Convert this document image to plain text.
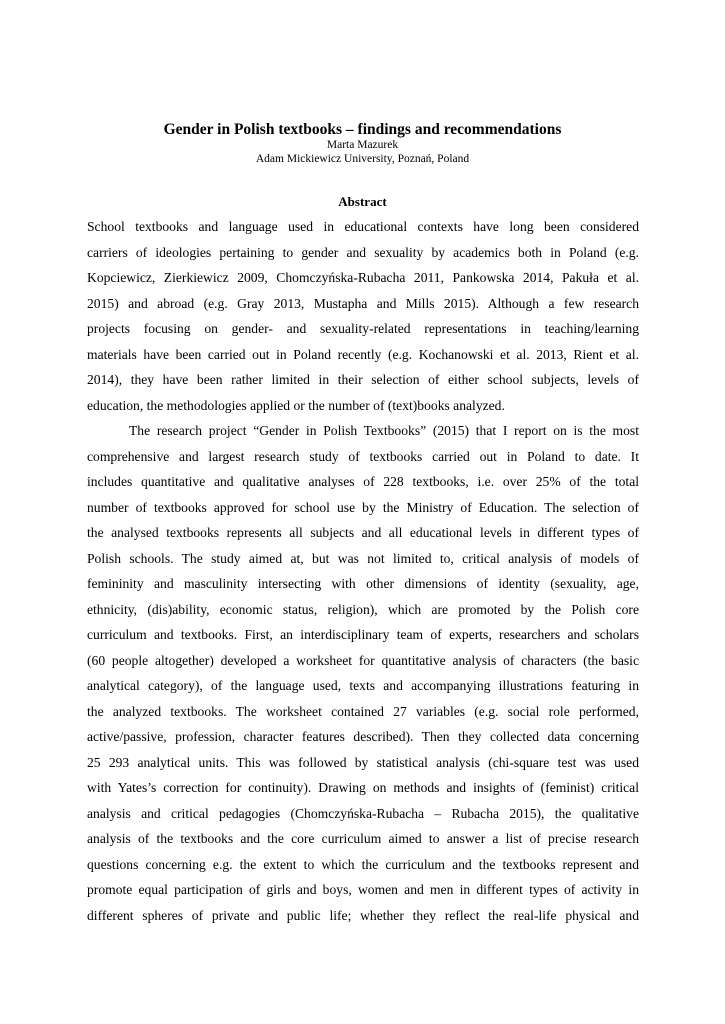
Gender in Polish textbooks – findings and recommendations

Marta Mazurek

Adam Mickiewicz University, Poznań, Poland

Abstract
School textbooks and language used in educational contexts have long been considered
carriers of ideologies pertaining to gender and sexuality by academics both in Poland (e.g.
Kopciewicz, Zierkiewicz 2009, Chomczyńska-Rubacha 2011, Pankowska 2014, Pakuła et al.
2015) and abroad (e.g. Gray 2013, Mustapha and Mills 2015). Although a few research
projects focusing on gender- and sexuality-related representations in teaching/learning
materials have been carried out in Poland recently (e.g. Kochanowski et al. 2013, Rient et al.
2014), they have been rather limited in their selection of either school subjects, levels of
education, the methodologies applied or the number of (text)books analyzed.
The research project “Gender in Polish Textbooks” (2015) that I report on is the most
comprehensive and largest research study of textbooks carried out in Poland to date. It
includes quantitative and qualitative analyses of 228 textbooks, i.e. over 25% of the total
number of textbooks approved for school use by the Ministry of Education. The selection of
the analysed textbooks represents all subjects and all educational levels in different types of
Polish schools. The study aimed at, but was not limited to, critical analysis of models of
femininity and masculinity intersecting with other dimensions of identity (sexuality, age,
ethnicity, (dis)ability, economic status, religion), which are promoted by the Polish core
curriculum and textbooks. First, an interdisciplinary team of experts, researchers and scholars
(60 people altogether) developed a worksheet for quantitative analysis of characters (the basic
analytical category), of the language used, texts and accompanying illustrations featuring in
the analyzed textbooks. The worksheet contained 27 variables (e.g. social role performed,
active/passive, profession, character features described). Then they collected data concerning
25 293 analytical units. This was followed by statistical analysis (chi-square test was used
with Yates’s correction for continuity). Drawing on methods and insights of (feminist) critical
analysis and critical pedagogies (Chomczyńska-Rubacha – Rubacha 2015), the qualitative
analysis of the textbooks and the core curriculum aimed to answer a list of precise research
questions concerning e.g. the extent to which the curriculum and the textbooks represent and
promote equal participation of girls and boys, women and men in different types of activity in
different spheres of private and public life; whether they reflect the real-life physical and
